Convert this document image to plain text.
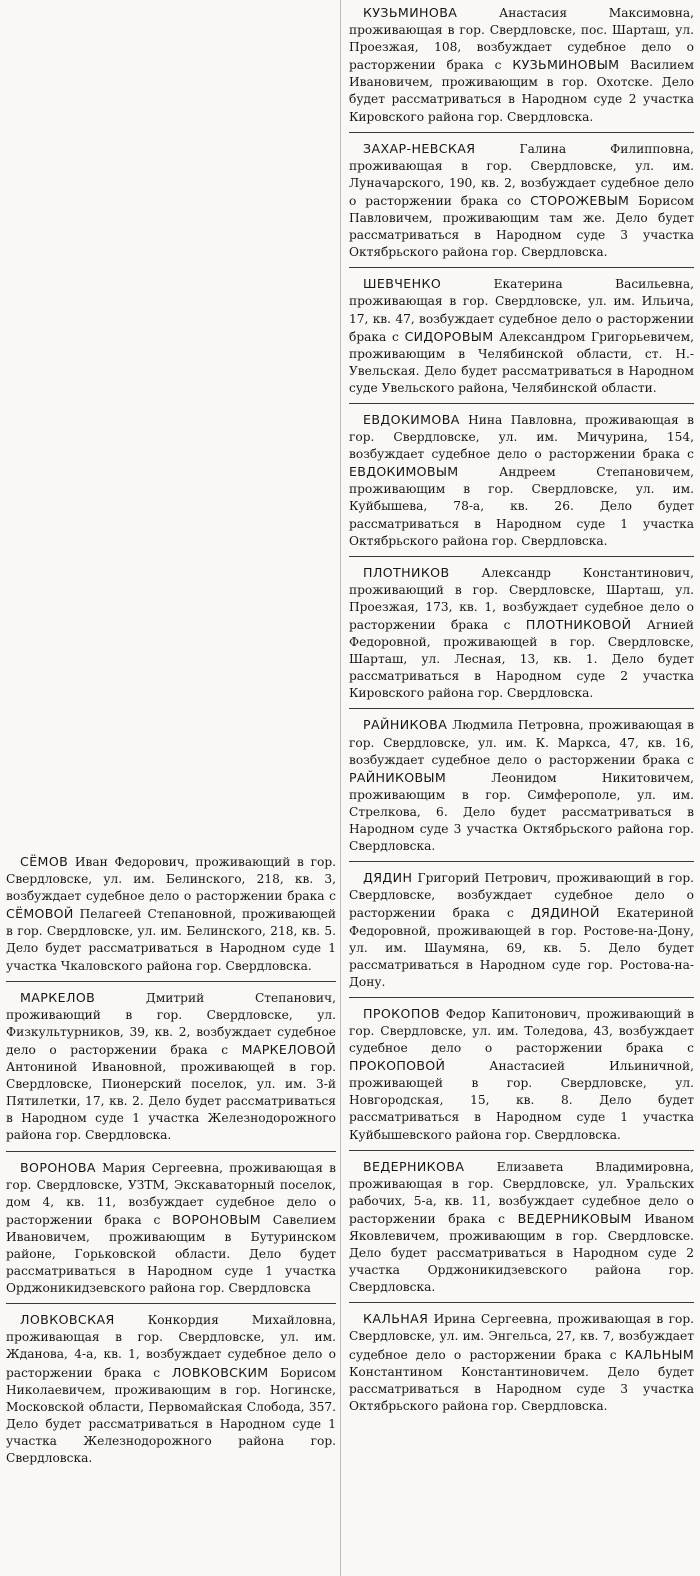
СЁМОВ Иван Федорович, проживающий в гор. Свердловске, ул. им. Белинского, 218, кв. 3, возбуждает судебное дело о расторжении брака с СЁМОВОЙ Пелагеей Степановной, проживающей в гор. Свердловске, ул. им. Белинского, 218, кв. 5. Дело будет рассматриваться в Народном суде 1 участка Чкаловского района гор. Свердловска.

МАРКЕЛОВ Дмитрий Степанович, проживающий в гор. Свердловске, ул. Физкультурников, 39, кв. 2, возбуждает судебное дело о расторжении брака с МАРКЕЛОВОЙ Антониной Ивановной, проживающей в гор. Свердловске, Пионерский поселок, ул. им. 3-й Пятилетки, 17, кв. 2. Дело будет рассматриваться в Народном суде 1 участка Железнодорожного района гор. Свердловска.

ВОРОНОВА Мария Сергеевна, проживающая в гор. Свердловске, УЗТМ, Экскаваторный поселок, дом 4, кв. 11, возбуждает судебное дело о расторжении брака с ВОРОНОВЫМ Савелием Ивановичем, проживающим в Бутуринском районе, Горьковской области. Дело будет рассматриваться в Народном суде 1 участка Орджоникидзевского района гор. Свердловска

ЛОВКОВСКАЯ Конкордия Михайловна, проживающая в гор. Свердловске, ул. им. Жданова, 4-а, кв. 1, возбуждает судебное дело о расторжении брака с ЛОВКОВСКИМ Борисом Николаевичем, проживающим в гор. Ногинске, Московской области, Первомайская Слобода, 357. Дело будет рассматриваться в Народном суде 1 участка Железнодорожного района гор. Свердловска.

КУЗЬМИНОВА Анастасия Максимовна, проживающая в гор. Свердловске, пос. Шарташ, ул. Проезжая, 108, возбуждает судебное дело о расторжении брака с КУЗЬМИНОВЫМ Василием Ивановичем, проживающим в гор. Охотске. Дело будет рассматриваться в Народном суде 2 участка Кировского района гор. Свердловска.

ЗАХАР-НЕВСКАЯ Галина Филипповна, проживающая в гор. Свердловске, ул. им. Луначарского, 190, кв. 2, возбуждает судебное дело о расторжении брака со СТОРОЖЕВЫМ Борисом Павловичем, проживающим там же. Дело будет рассматриваться в Народном суде 3 участка Октябрьского района гор. Свердловска.

ШЕВЧЕНКО Екатерина Васильевна, проживающая в гор. Свердловске, ул. им. Ильича, 17, кв. 47, возбуждает судебное дело о расторжении брака с СИДОРОВЫМ Александром Григорьевичем, проживающим в Челябинской области, ст. Н.-Увельская. Дело будет рассматриваться в Народном суде Увельского района, Челябинской области.

ЕВДОКИМОВА Нина Павловна, проживающая в гор. Свердловске, ул. им. Мичурина, 154, возбуждает судебное дело о расторжении брака с ЕВДОКИМОВЫМ Андреем Степановичем, проживающим в гор. Свердловске, ул. им. Куйбышева, 78-а, кв. 26. Дело будет рассматриваться в Народном суде 1 участка Октябрьского района гор. Свердловска.

ПЛОТНИКОВ Александр Константинович, проживающий в гор. Свердловске, Шарташ, ул. Проезжая, 173, кв. 1, возбуждает судебное дело о расторжении брака с ПЛОТНИКОВОЙ Агнией Федоровной, проживающей в гор. Свердловске, Шарташ, ул. Лесная, 13, кв. 1. Дело будет рассматриваться в Народном суде 2 участка Кировского района гор. Свердловска.

РАЙНИКОВА Людмила Петровна, проживающая в гор. Свердловске, ул. им. К. Маркса, 47, кв. 16, возбуждает судебное дело о расторжении брака с РАЙНИКОВЫМ Леонидом Никитовичем, проживающим в гор. Симферополе, ул. им. Стрелкова, 6. Дело будет рассматриваться в Народном суде 3 участка Октябрьского района гор. Свердловска.

ДЯДИН Григорий Петрович, проживающий в гор. Свердловске, возбуждает судебное дело о расторжении брака с ДЯДИНОЙ Екатериной Федоровной, проживающей в гор. Ростове-на-Дону, ул. им. Шаумяна, 69, кв. 5. Дело будет рассматриваться в Народном суде гор. Ростова-на-Дону.

ПРОКОПОВ Федор Капитонович, проживающий в гор. Свердловске, ул. им. Толедова, 43, возбуждает судебное дело о расторжении брака с ПРОКОПОВОЙ Анастасией Ильиничной, проживающей в гор. Свердловске, ул. Новгородская, 15, кв. 8. Дело будет рассматриваться в Народном суде 1 участка Куйбышевского района гор. Свердловска.

ВЕДЕРНИКОВА Елизавета Владимировна, проживающая в гор. Свердловске, ул. Уральских рабочих, 5-а, кв. 11, возбуждает судебное дело о расторжении брака с ВЕДЕРНИКОВЫМ Иваном Яковлевичем, проживающим в гор. Свердловске. Дело будет рассматриваться в Народном суде 2 участка Орджоникидзевского района гор. Свердловска.

КАЛЬНАЯ Ирина Сергеевна, проживающая в гор. Свердловске, ул. им. Энгельса, 27, кв. 7, возбуждает судебное дело о расторжении брака с КАЛЬНЫМ Константином Константиновичем. Дело будет рассматриваться в Народном суде 3 участка Октябрьского района гор. Свердловска.
